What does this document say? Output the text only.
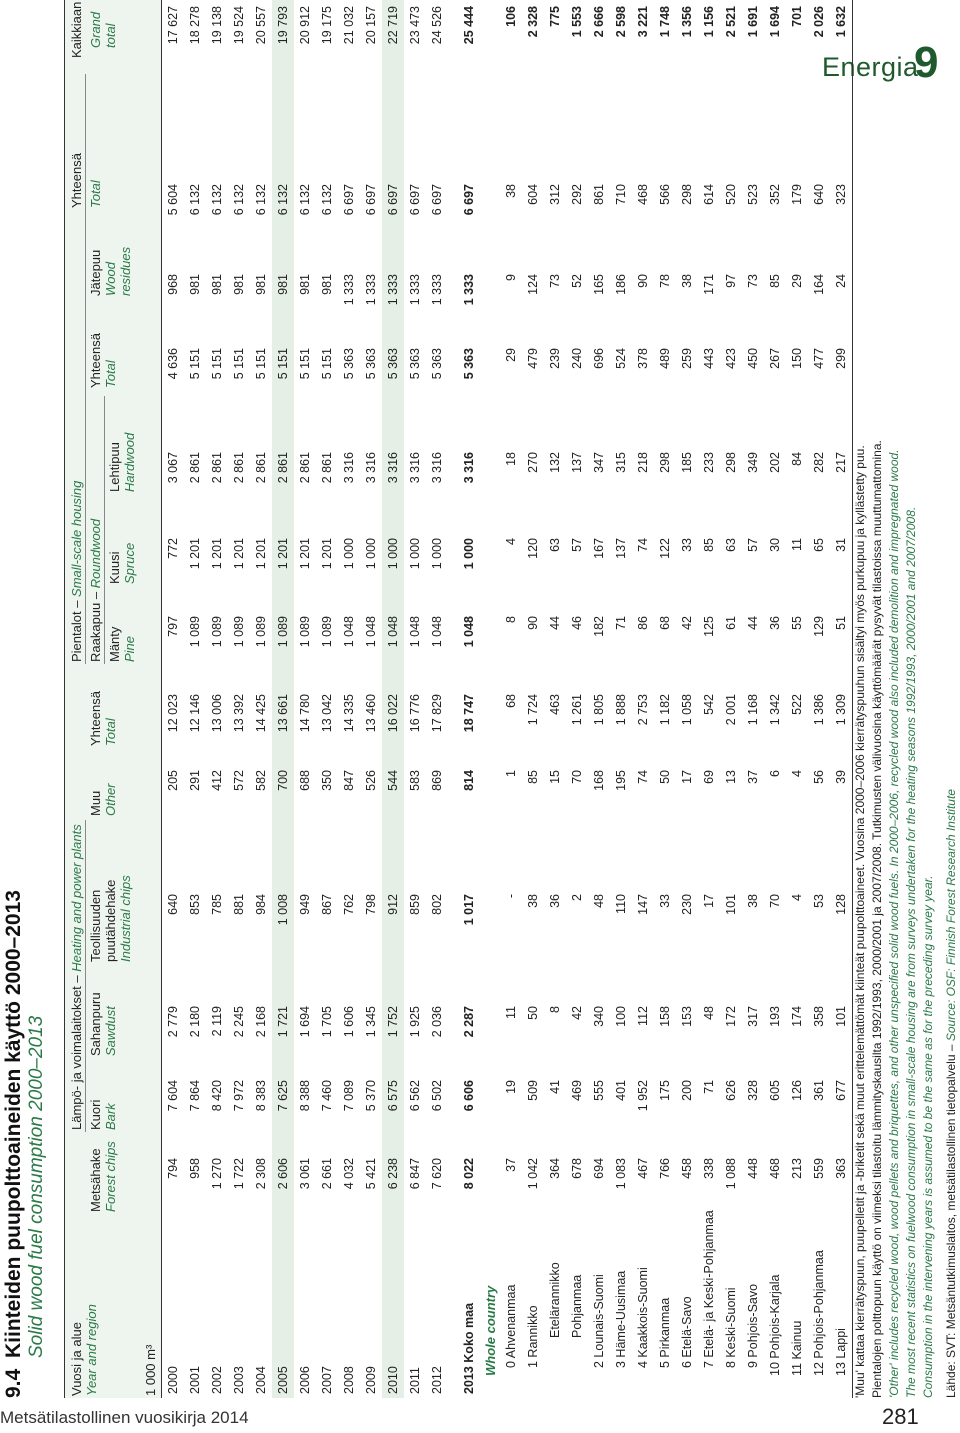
Energia
9
Metsätilastollinen vuosikirja 2014	281
9.4Kiinteiden puupolttoaineiden käyttö 2000–2013 Solid wood fuel consumption 2000–2013
Vuosi ja alue Year and region	1 000 m³
Lämpö- ja voimalaitokset – Heating and power plants
Pientalot – Small-scale housing
Raakapuu – Roundwood
Kaikkiaan Grand total
Metsähake Forest chips
Kuori Bark
Sahanpuru Sawdust
Teollisuuden puutähdehake Industrial chips
Muu Other
Yhteensä Total
Mänty Pine
Kuusi Spruce
Lehtipuu Hardwood
Yhteensä Total
Jätepuu Wood residues
Yhteensä Total
2000
794
7 604
2 779
640
205
12 023
797
772
3 067
4 636
968
5 604
17 627
2001
958
7 864
2 180
853
291
12 146
1 089
1 201
2 861
5 151
981
6 132
18 278
2002
1 270
8 420
2 119
785
412
13 006
1 089
1 201
2 861
5 151
981
6 132
19 138
2003
1 722
7 972
2 245
881
572
13 392
1 089
1 201
2 861
5 151
981
6 132
19 524
2004
2 308
8 383
2 168
984
582
14 425
1 089
1 201
2 861
5 151
981
6 132
20 557
2005
2 606
7 625
1 721
1 008
700
13 661
1 089
1 201
2 861
5 151
981
6 132
19 793
2006
3 061
8 388
1 694
949
688
14 780
1 089
1 201
2 861
5 151
981
6 132
20 912
2007
2 661
7 460
1 705
867
350
13 042
1 089
1 201
2 861
5 151
981
6 132
19 175
2008
4 032
7 089
1 606
762
847
14 335
1 048
1 000
3 316
5 363
1 333
6 697
21 032
2009
5 421
5 370
1 345
798
526
13 460
1 048
1 000
3 316
5 363
1 333
6 697
20 157
2010
6 238
6 575
1 752
912
544
16 022
1 048
1 000
3 316
5 363
1 333
6 697
22 719
2011
6 847
6 562
1 925
859
583
16 776
1 048
1 000
3 316
5 363
1 333
6 697
23 473
2012
7 620
6 502
2 036
802
869
17 829
1 048
1 000
3 316
5 363
1 333
6 697
24 526
2013 Koko maa
8 022
6 606
2 287
1 017
814
18 747
1 048
1 000
3 316
5 363
1 333
6 697
25 444
Whole country 0 Ahvenanmaa
37
19
11
-
1
68
8
4
18
29
9
38
106
1 Rannikko
1 042
509
50
38
85
1 724
90
120
270
479
124
604
2 328
Etelärannikko
364
41
8
36
15
463
44
63
132
239
73
312
775
Pohjanmaa
678
469
42
2
70
1 261
46
57
137
240
52
292
1 553
2 Lounais-Suomi
694
555
340
48
168
1 805
182
167
347
696
165
861
2 666
3 Häme-Uusimaa
1 083
401
100
110
195
1 888
71
137
315
524
186
710
2 598
4 Kaakkois-Suomi
467
1 952
112
147
74
2 753
86
74
218
378
90
468
3 221
5 Pirkanmaa
766
175
158
33
50
1 182
68
122
298
489
78
566
1 748
6 Etelä-Savo
458
200
153
230
17
1 058
42
33
185
259
38
298
1 356
7 Etelä- ja Keski-Pohjanmaa
338
71
48
17
69
542
125
85
233
443
171
614
1 156
8 Keski-Suomi
1 088
626
172
101
13
2 001
61
63
298
423
97
520
2 521
9 Pohjois-Savo
448
328
317
38
37
1 168
44
57
349
450
73
523
1 691
10 Pohjois-Karjala
468
605
193
70
6
1 342
36
30
202
267
85
352
1 694
11 Kainuu
213
126
174
4
4
522
55
11
84
150
29
179
701
12 Pohjois-Pohjanmaa
559
361
358
53
56
1 386
129
65
282
477
164
640
2 026
13 Lappi
363
677
101
128
39
1 309
51
31
217
299
24
323
1 632
'Muu' kattaa kierrätyspuun, puupelletit ja -briketit sekä muut erittelemättömät kiinteät puupolttoaineet. Vuosina 2000–2006 kierrätyspuuhun sisältyi myös purkupuu ja kyllästetty puu. Pientalojen polttopuun käyttö on viimeksi tilastoitu lämmityskausilta 1992/1993, 2000/2001 ja 2007/2008. Tutkimusten välivuosina käyttömäärät pysyvät tilastoissa muuttumattomina. 'Other' includes recycled wood, wood pellets and briquettes, and other unspecified solid wood fuels. In 2000–2006, recycled wood also included demolition and impregnated wood. The most recent statistics on fuelwood consumption in small-scale housing are from surveys undertaken for the heating seasons 1992/1993, 2000/2001 and 2007/2008. Consumption in the intervening years is assumed to be the same as for the preceding survey year. Lähde: SVT: Metsäntutkimuslaitos, metsätilastollinen tietopalvelu – Source: OSF: Finnish Forest Research Institute
